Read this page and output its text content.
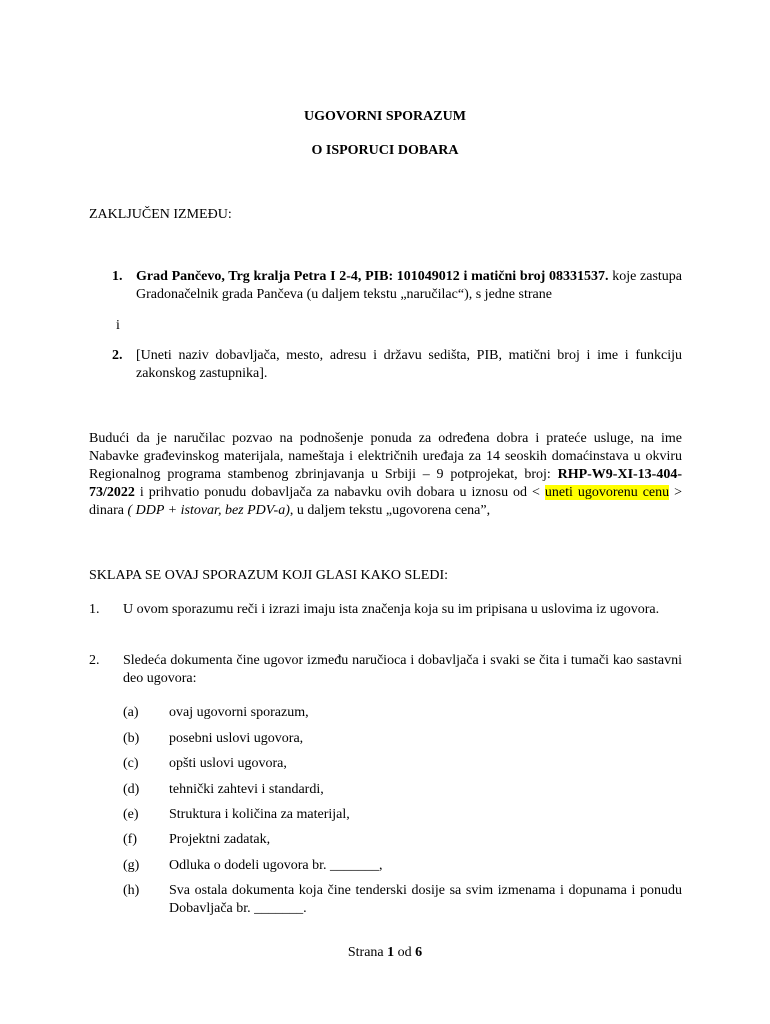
UGOVORNI SPORAZUM
O ISPORUCI DOBARA
ZAKLJUČEN IZMEĐU:
1. Grad Pančevo, Trg kralja Petra I 2-4, PIB: 101049012 i matični broj 08331537. koje zastupa Gradonačelnik grada Pančeva (u daljem tekstu „naručilac“), s jedne strane
i
2. [Uneti naziv dobavljača, mesto, adresu i državu sedišta, PIB, matični broj i ime i funkciju zakonskog zastupnika].
Budući da je naručilac pozvao na podnošenje ponuda za određena dobra i prateće usluge, na ime Nabavke građevinskog materijala, nameštaja i električnih uređaja za 14 seoskih domaćinstava u okviru Regionalnog programa stambenog zbrinjavanja u Srbiji – 9 potprojekat, broj: RHP-W9-XI-13-404-73/2022 i prihvatio ponudu dobavljača za nabavku ovih dobara u iznosu od < uneti ugovorenu cenu > dinara ( DDP + istovar, bez PDV-a), u daljem tekstu „ugovorena cena”,
SKLAPA SE OVAJ SPORAZUM KOJI GLASI KAKO SLEDI:
1. U ovom sporazumu reči i izrazi imaju ista značenja koja su im pripisana u uslovima iz ugovora.
2. Sledeća dokumenta čine ugovor između naručioca i dobavljača i svaki se čita i tumači kao sastavni deo ugovora:
(a) ovaj ugovorni sporazum,
(b) posebni uslovi ugovora,
(c) opšti uslovi ugovora,
(d) tehnički zahtevi i standardi,
(e) Struktura i količina za materijal,
(f) Projektni zadatak,
(g) Odluka o dodeli ugovora br. _______,
(h) Sva ostala dokumenta koja čine tenderski dosije sa svim izmenama i dopunama i ponudu Dobavljača br. _______.
Strana 1 od 6
